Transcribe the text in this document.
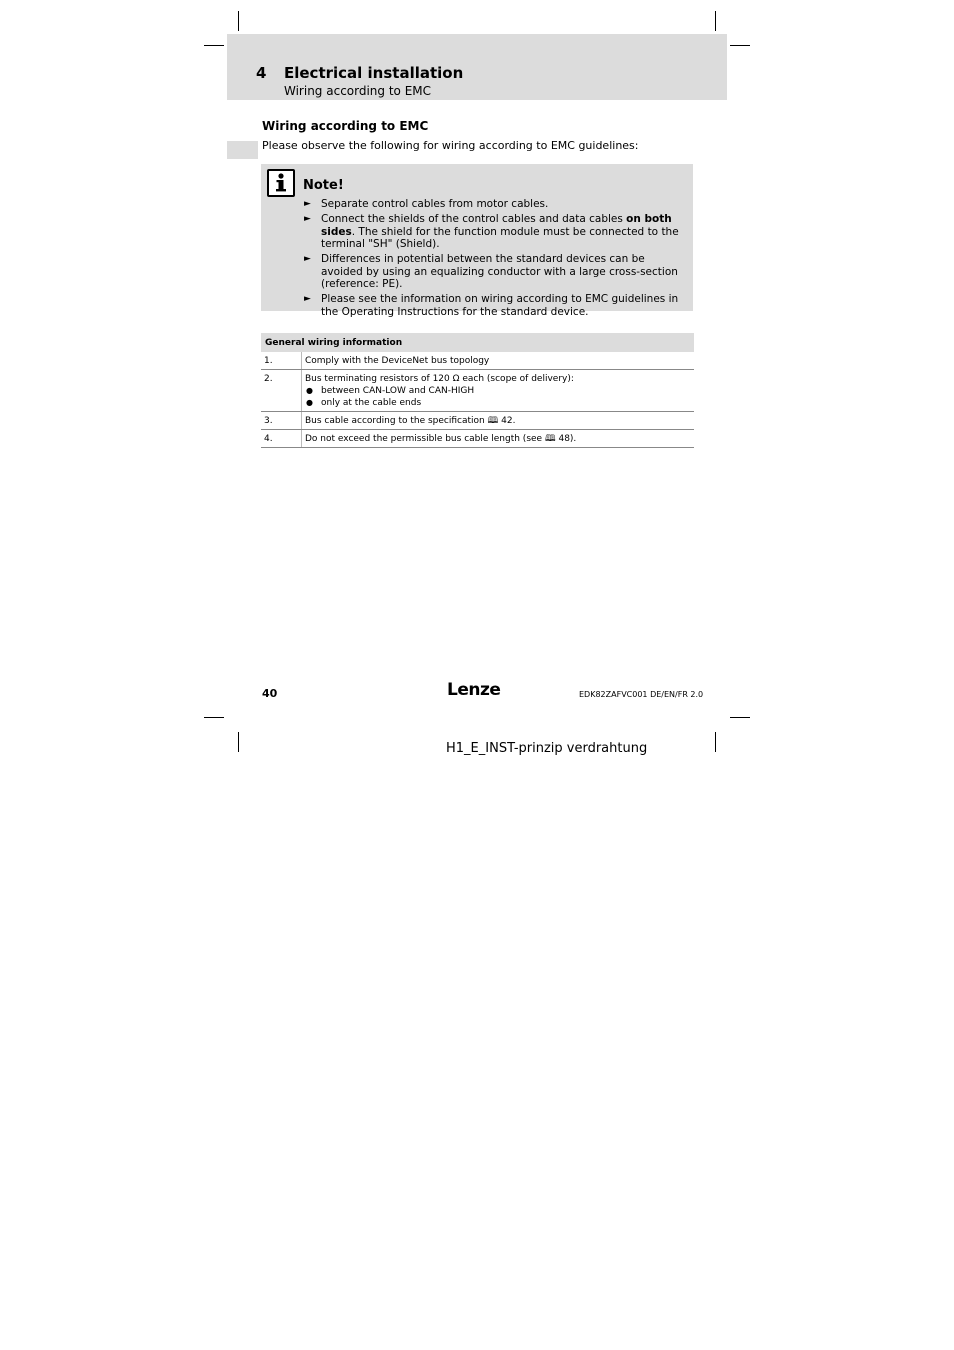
4 Electrical installation
Wiring according to EMC
Wiring according to EMC
Please observe the following for wiring according to EMC guidelines:
Note!
► Separate control cables from motor cables.
► Connect the shields of the control cables and data cables on both sides. The shield for the function module must be connected to the terminal "SH" (Shield).
► Differences in potential between the standard devices can be avoided by using an equalizing conductor with a large cross-section (reference: PE).
► Please see the information on wiring according to EMC guidelines in the Operating Instructions for the standard device.
General wiring information	
1.	Comply with the DeviceNet bus topology
2.	Bus terminating resistors of 120 Ω each (scope of delivery):
● between CAN-LOW and CAN-HIGH
● only at the cable ends

3.	Bus cable according to the specification 🕮 42.
4.	Do not exceed the permissible bus cable length (see 🕮 48).
40	Lenze	EDK82ZAFVC001 DE/EN/FR 2.0
H1_E_INST-prinzip verdrahtung
